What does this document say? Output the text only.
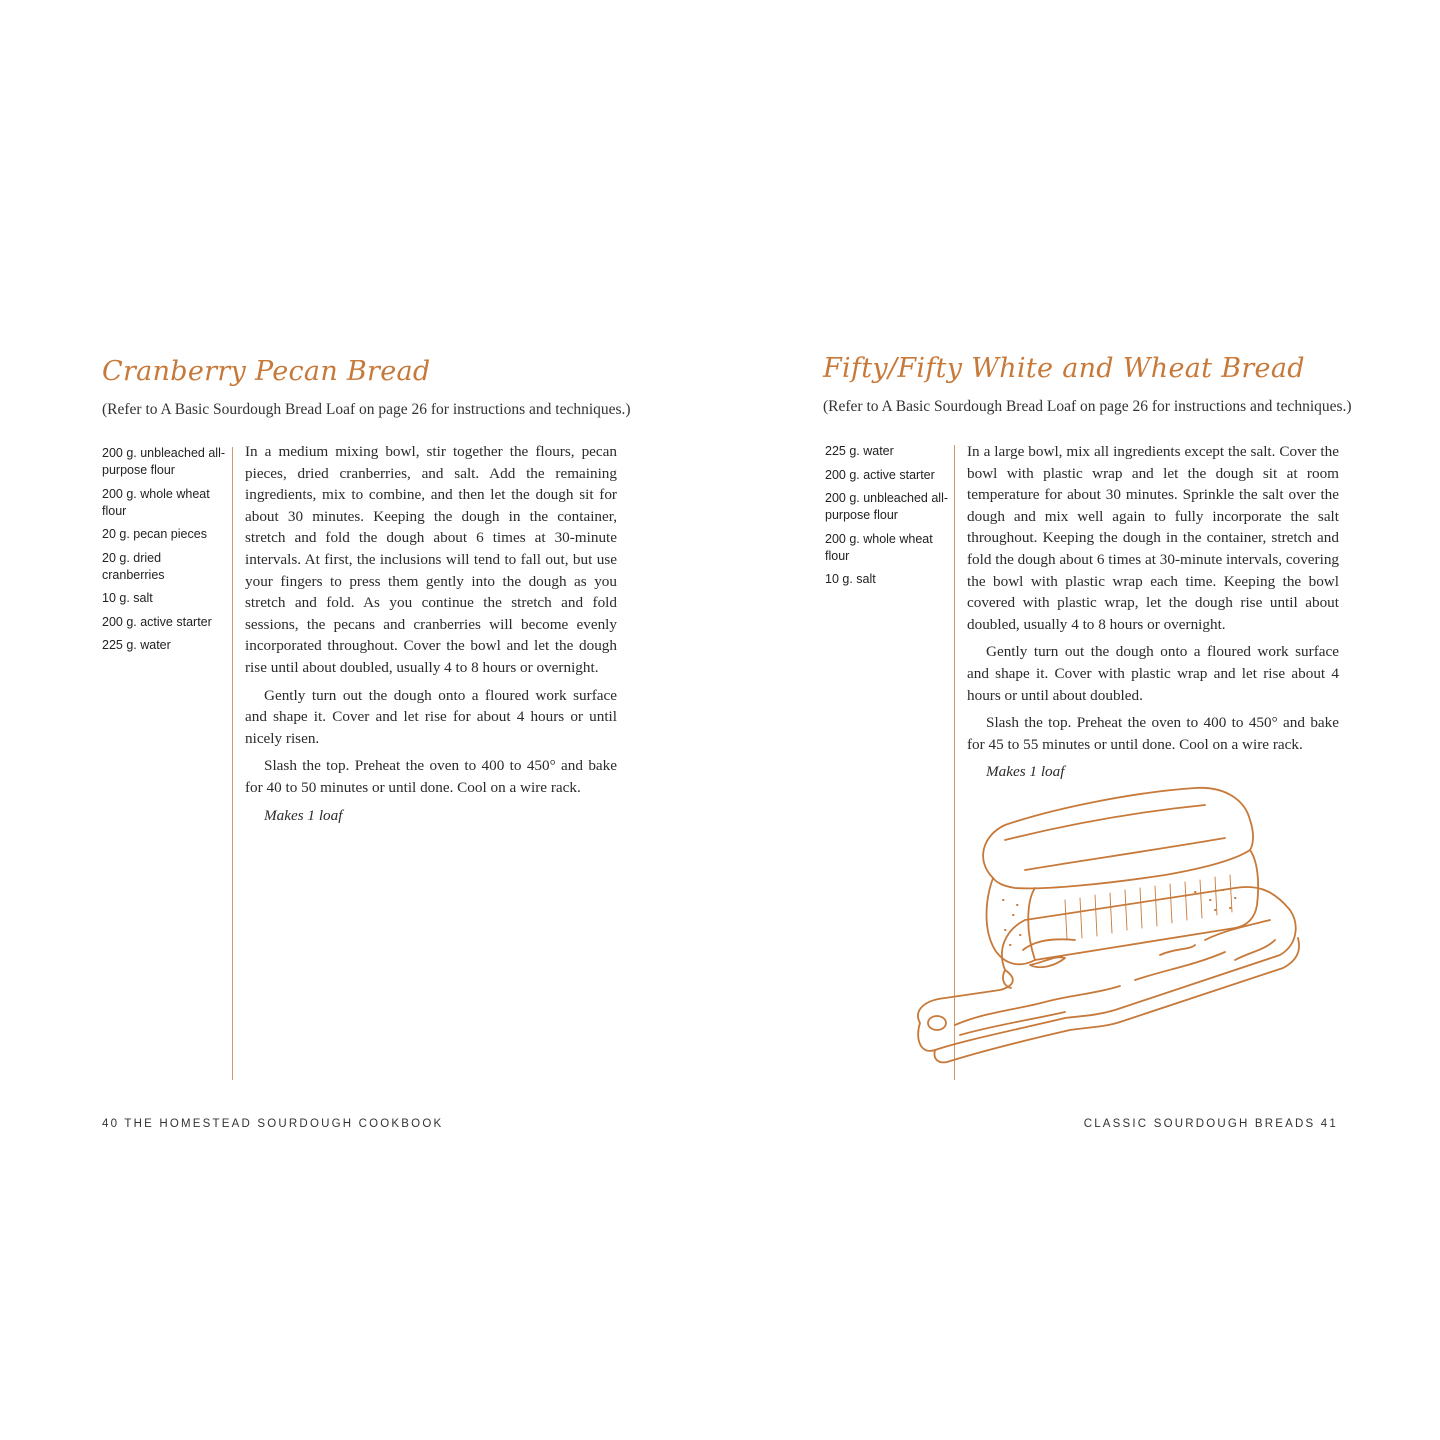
Cranberry Pecan Bread

(Refer to A Basic Sourdough Bread Loaf on page 26 for instructions and techniques.)

200 g. unbleached all-purpose flour
200 g. whole wheat flour
20 g. pecan pieces
20 g. dried cranberries
10 g. salt
200 g. active starter
225 g. water

In a medium mixing bowl, stir together the flours, pecan pieces, dried cranberries, and salt. Add the remaining ingredients, mix to combine, and then let the dough sit for about 30 minutes. Keeping the dough in the container, stretch and fold the dough about 6 times at 30-minute intervals. At first, the inclusions will tend to fall out, but use your fingers to press them gently into the dough as you stretch and fold. As you continue the stretch and fold sessions, the pecans and cranberries will become evenly incorporated throughout. Cover the bowl and let the dough rise until about doubled, usually 4 to 8 hours or overnight.

Gently turn out the dough onto a floured work surface and shape it. Cover and let rise for about 4 hours or until nicely risen.

Slash the top. Preheat the oven to 400 to 450° and bake for 40 to 50 minutes or until done. Cool on a wire rack.

Makes 1 loaf

40 THE HOMESTEAD SOURDOUGH COOKBOOK

Fifty/Fifty White and Wheat Bread

(Refer to A Basic Sourdough Bread Loaf on page 26 for instructions and techniques.)

225 g. water
200 g. active starter
200 g. unbleached all-purpose flour
200 g. whole wheat flour
10 g. salt

In a large bowl, mix all ingredients except the salt. Cover the bowl with plastic wrap and let the dough sit at room temperature for about 30 minutes. Sprinkle the salt over the dough and mix well again to fully incorporate the salt throughout. Keeping the dough in the container, stretch and fold the dough about 6 times at 30-minute intervals, covering the bowl with plastic wrap each time. Keeping the bowl covered with plastic wrap, let the dough rise until about doubled, usually 4 to 8 hours or overnight.

Gently turn out the dough onto a floured work surface and shape it. Cover with plastic wrap and let rise about 4 hours or until about doubled.

Slash the top. Preheat the oven to 400 to 450° and bake for 45 to 55 minutes or until done. Cool on a wire rack.

Makes 1 loaf

CLASSIC SOURDOUGH BREADS 41
